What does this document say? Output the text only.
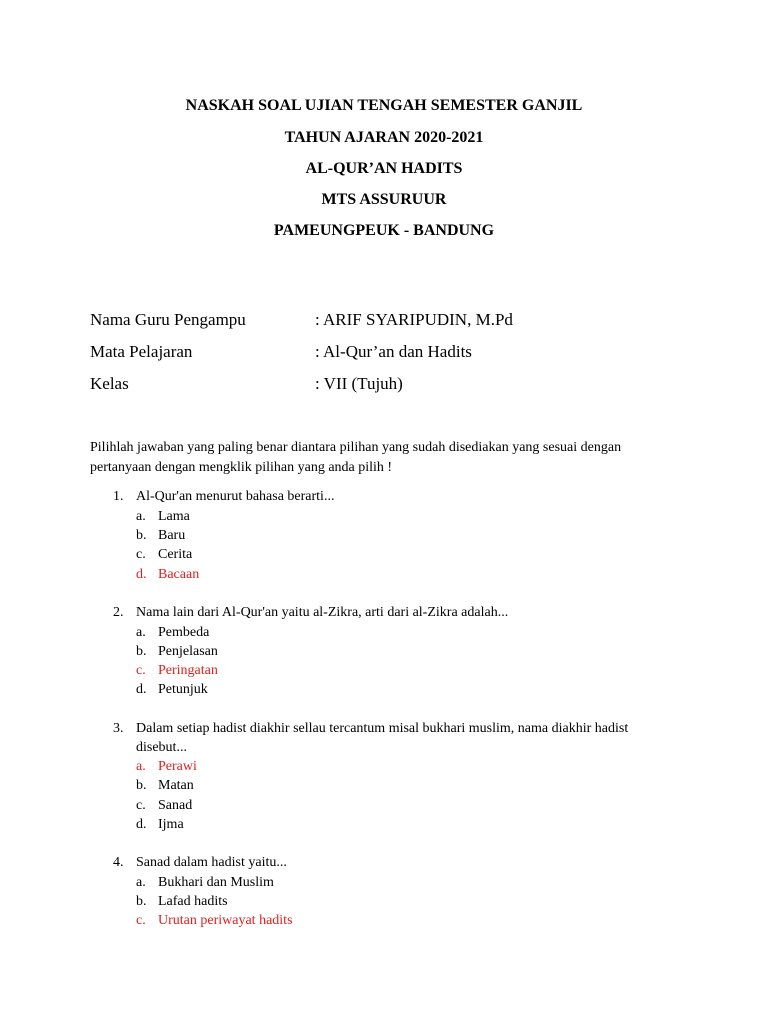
NASKAH SOAL UJIAN TENGAH SEMESTER GANJIL
TAHUN AJARAN 2020-2021
AL-QUR’AN HADITS
MTS ASSURUUR
PAMEUNGPEUK - BANDUNG
Nama Guru Pengampu	: ARIF SYARIPUDIN, M.Pd
Mata Pelajaran	: Al-Qur’an dan Hadits
Kelas	: VII (Tujuh)
Pilihlah jawaban yang paling benar diantara pilihan yang sudah disediakan yang sesuai dengan
pertanyaan dengan mengklik pilihan yang anda pilih !
1. Al-Qur'an menurut bahasa berarti...
a. Lama
b. Baru
c. Cerita
d. Bacaan
2. Nama lain dari Al-Qur'an yaitu al-Zikra, arti dari al-Zikra adalah...
a. Pembeda
b. Penjelasan
c. Peringatan
d. Petunjuk
3. Dalam setiap hadist diakhir sellau tercantum misal bukhari muslim, nama diakhir hadist
disebut...
a. Perawi
b. Matan
c. Sanad
d. Ijma
4. Sanad dalam hadist yaitu...
a. Bukhari dan Muslim
b. Lafad hadits
c. Urutan periwayat hadits
